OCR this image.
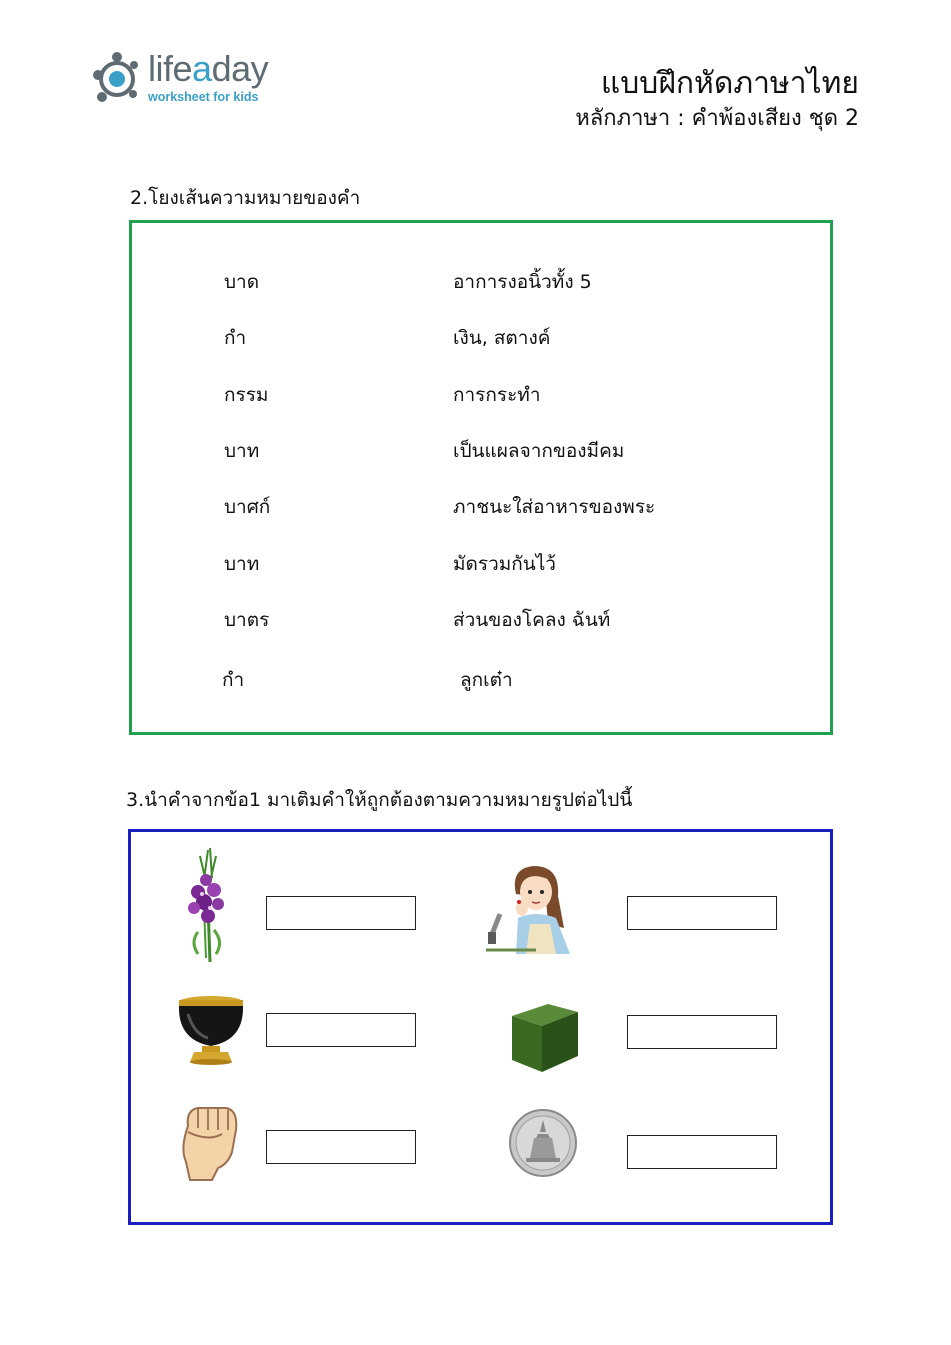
lifeaday
worksheet for kids	แบบฝึกหัดภาษาไทย
หลักภาษา : คำพ้องเสียง ชุด 2
2.โยงเส้นความหมายของคำ
บาด
กำ
กรรม
บาท
บาศก์
บาท
บาตร
กำ
อาการงอนิ้วทั้ง 5
เงิน, สตางค์
การกระทำ
เป็นแผลจากของมีคม
ภาชนะใส่อาหารของพระ
มัดรวมกันไว้
ส่วนของโคลง ฉันท์
ลูกเต๋า
3.นำคำจากข้อ1 มาเติมคำให้ถูกต้องตามความหมายรูปต่อไปนี้
